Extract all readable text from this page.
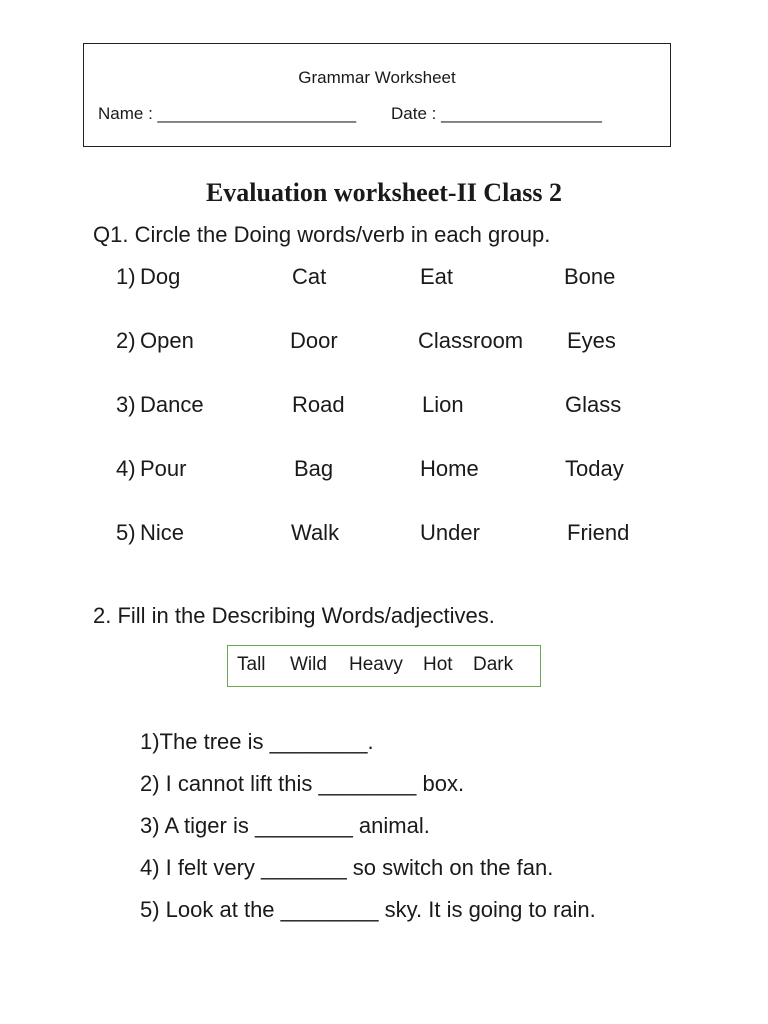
Grammar Worksheet
Name : _____________________ Date : _________________
Evaluation worksheet-II Class 2
Q1. Circle the Doing words/verb in each group.
1) Dog	Cat	Eat	Bone
2) Open	Door	Classroom Eyes
3) Dance	Road	Lion	Glass
4) Pour	Bag	Home	Today
5) Nice	Walk	Under	Friend
2. Fill in the Describing Words/adjectives.
Tall Wild Heavy Hot Dark
1)The tree is ________.
2) I cannot lift this ________ box.
3) A tiger is ________ animal.
4) I felt very _______ so switch on the fan.
5) Look at the ________ sky. It is going to rain.
